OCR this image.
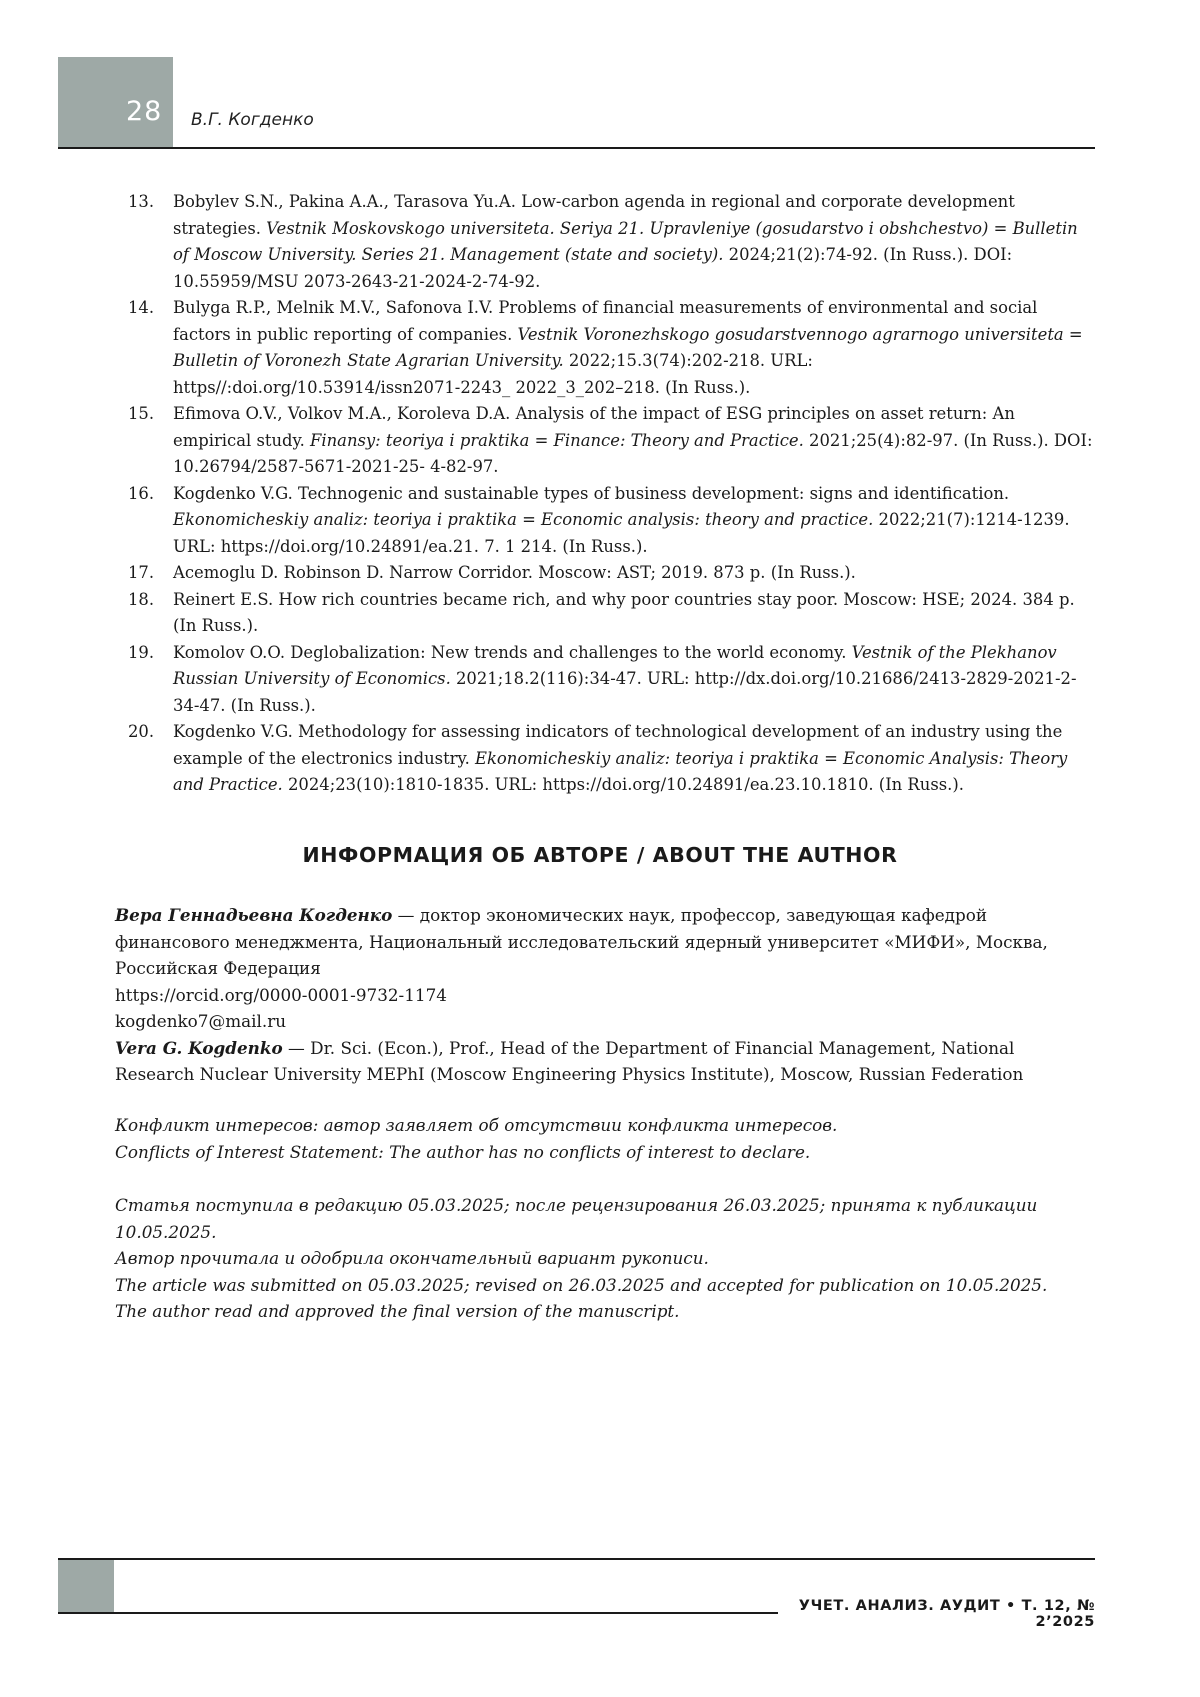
28 В.Г. Когденко
13. Bobylev S.N., Pakina A.A., Tarasova Yu.A. Low-carbon agenda in regional and corporate development strategies. Vestnik Moskovskogo universiteta. Seriya 21. Upravleniye (gosudarstvo i obshchestvo) = Bulletin of Moscow University. Series 21. Management (state and society). 2024;21(2):74-92. (In Russ.). DOI: 10.55959/MSU 2073-2643-21-2024-2-74-92.
14. Bulyga R.P., Melnik M.V., Safonova I.V. Problems of financial measurements of environmental and social factors in public reporting of companies. Vestnik Voronezhskogo gosudarstvennogo agrarnogo universiteta = Bulletin of Voronezh State Agrarian University. 2022;15.3(74):202-218. URL: https//:doi.org/10.53914/issn2071-2243_ 2022_3_202–218. (In Russ.).
15. Efimova O.V., Volkov M.A., Koroleva D.A. Analysis of the impact of ESG principles on asset return: An empirical study. Finansy: teoriya i praktika = Finance: Theory and Practice. 2021;25(4):82-97. (In Russ.). DOI: 10.26794/2587-5671-2021-25- 4-82-97.
16. Kogdenko V.G. Technogenic and sustainable types of business development: signs and identification. Ekonomicheskiy analiz: teoriya i praktika = Economic analysis: theory and practice. 2022;21(7):1214-1239. URL: https://doi.org/10.24891/ea.21. 7. 1 214. (In Russ.).
17. Acemoglu D. Robinson D. Narrow Corridor. Moscow: AST; 2019. 873 p. (In Russ.).
18. Reinert E.S. How rich countries became rich, and why poor countries stay poor. Moscow: HSE; 2024. 384 p. (In Russ.).
19. Komolov O.O. Deglobalization: New trends and challenges to the world economy. Vestnik of the Plekhanov Russian University of Economics. 2021;18.2(116):34-47. URL: http://dx.doi.org/10.21686/2413-2829-2021-2-34-47. (In Russ.).
20. Kogdenko V.G. Methodology for assessing indicators of technological development of an industry using the example of the electronics industry. Ekonomicheskiy analiz: teoriya i praktika = Economic Analysis: Theory and Practice. 2024;23(10):1810-1835. URL: https://doi.org/10.24891/ea.23.10.1810. (In Russ.).
ИНФОРМАЦИЯ ОБ АВТОРЕ / ABOUT THE AUTHOR

Вера Геннадьевна Когденко — доктор экономических наук, профессор, заведующая кафедрой финансового менеджмента, Национальный исследовательский ядерный университет «МИФИ», Москва, Российская Федерация

https://orcid.org/0000-0001-9732-1174

kogdenko7@mail.ru

Vera G. Kogdenko — Dr. Sci. (Econ.), Prof., Head of the Department of Financial Management, National Research Nuclear University MEPhI (Moscow Engineering Physics Institute), Moscow, Russian Federation

Конфликт интересов: автор заявляет об отсутствии конфликта интересов.

Conflicts of Interest Statement: The author has no conflicts of interest to declare.

Статья поступила в редакцию 05.03.2025; после рецензирования 26.03.2025; принята к публикации 10.05.2025.

Автор прочитала и одобрила окончательный вариант рукописи.

The article was submitted on 05.03.2025; revised on 26.03.2025 and accepted for publication on 10.05.2025.

The author read and approved the final version of the manuscript.

УЧЕТ. АНАЛИЗ. АУДИТ • Т. 12, № 2’2025
